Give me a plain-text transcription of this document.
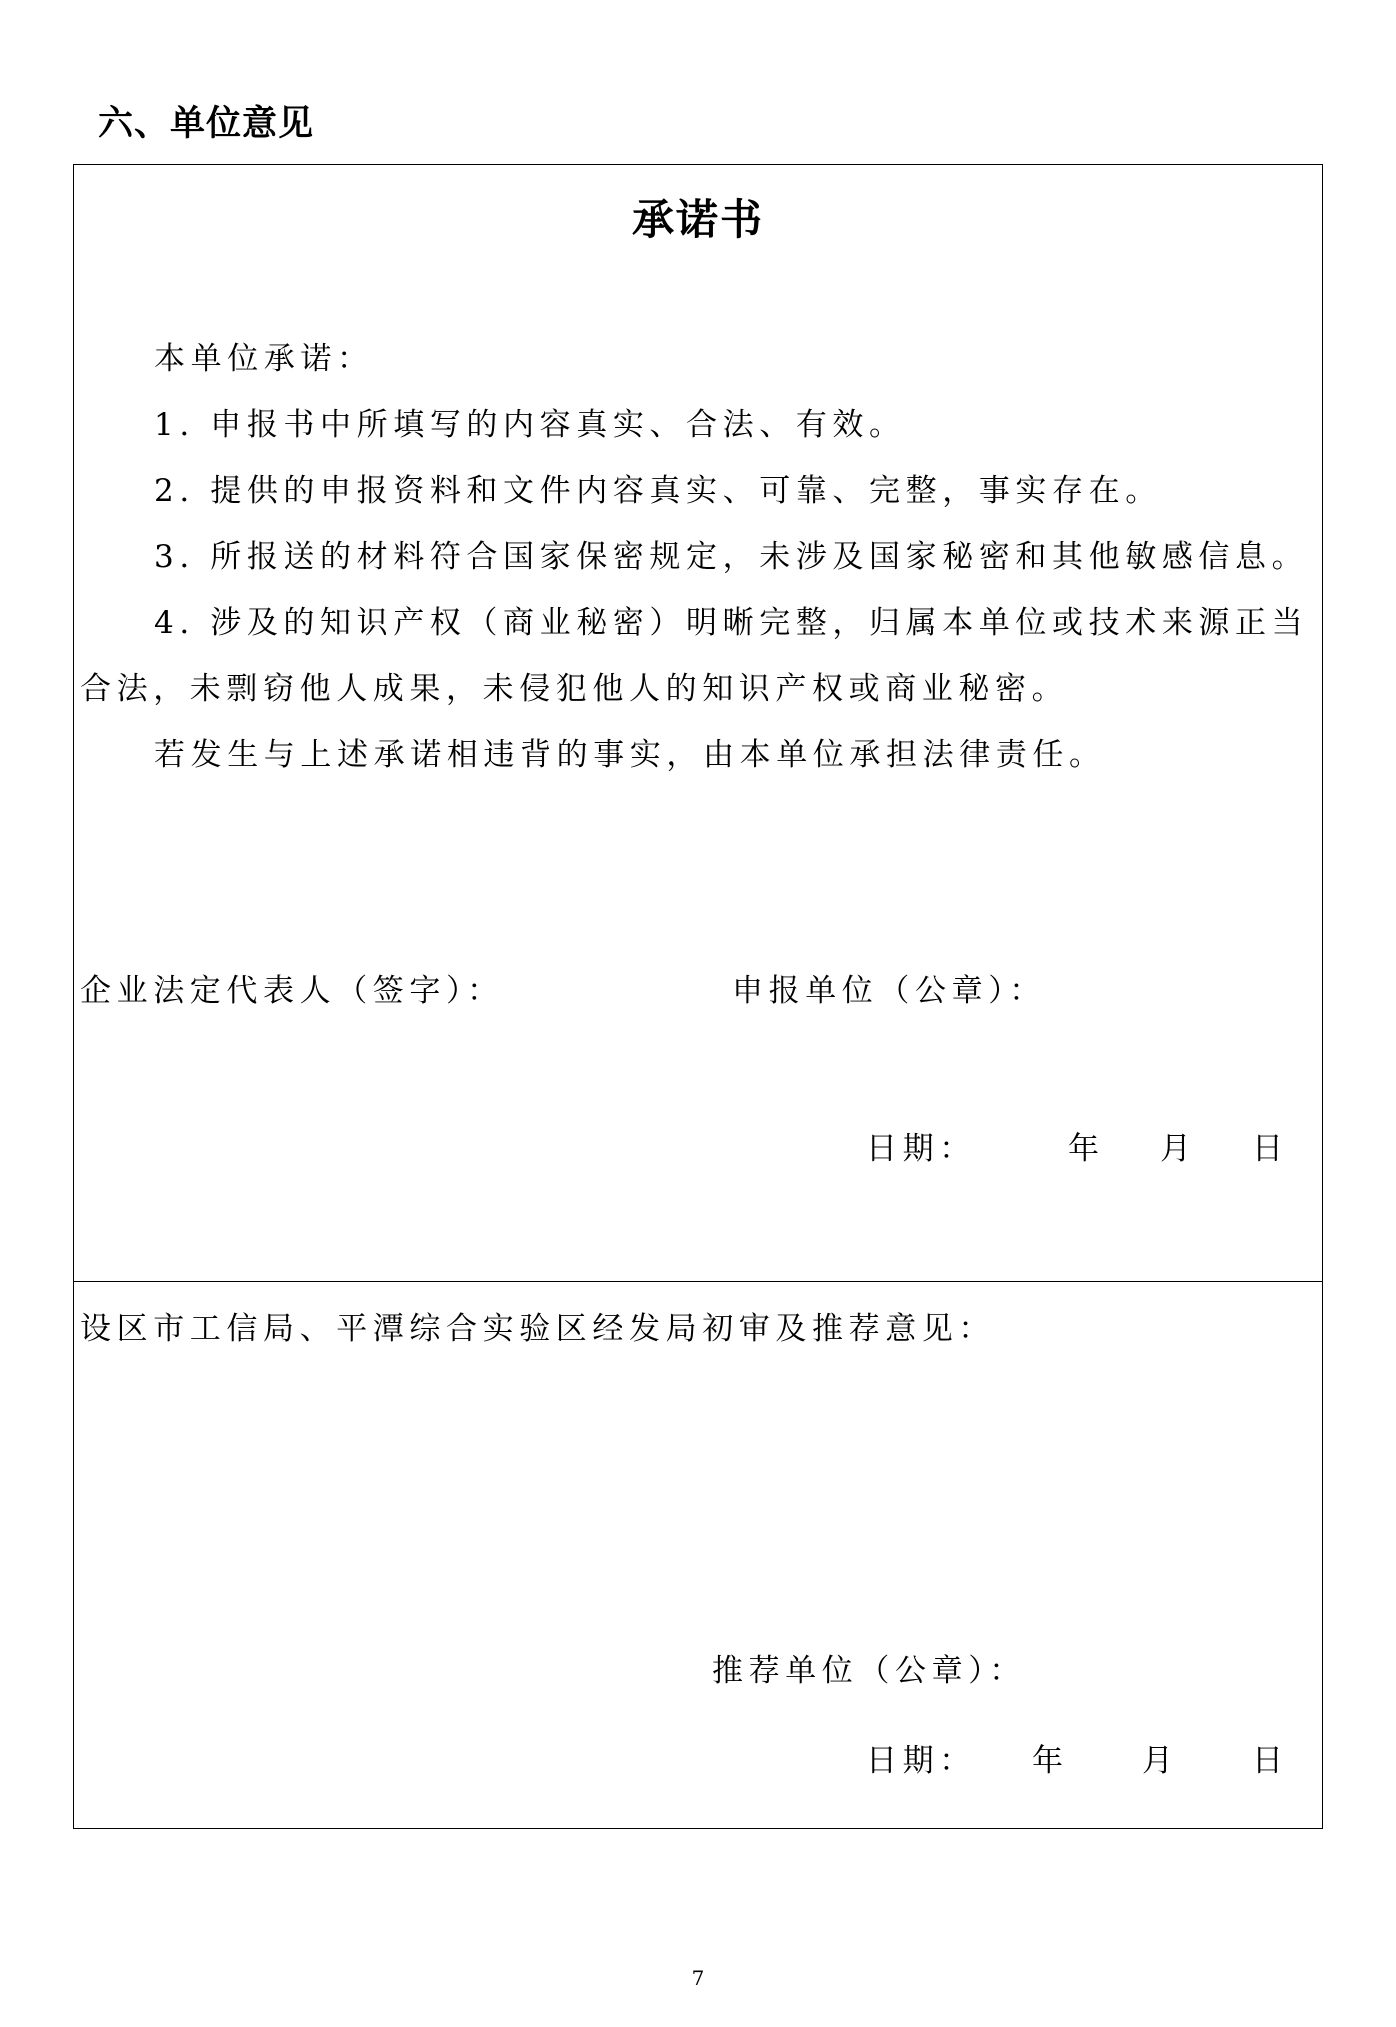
六、单位意见
承诺书
本单位承诺：
1. 申报书中所填写的内容真实、合法、有效。
2. 提供的申报资料和文件内容真实、可靠、完整，事实存在。
3. 所报送的材料符合国家保密规定，未涉及国家秘密和其他敏感信息。
4. 涉及的知识产权（商业秘密）明晰完整，归属本单位或技术来源正当
合法，未剽窃他人成果，未侵犯他人的知识产权或商业秘密。
若发生与上述承诺相违背的事实，由本单位承担法律责任。
企业法定代表人（签字）：	申报单位（公章）：
日期：	年 月 日
设区市工信局、平潭综合实验区经发局初审及推荐意见：
推荐单位（公章）：
日期： 年 月 日
7
